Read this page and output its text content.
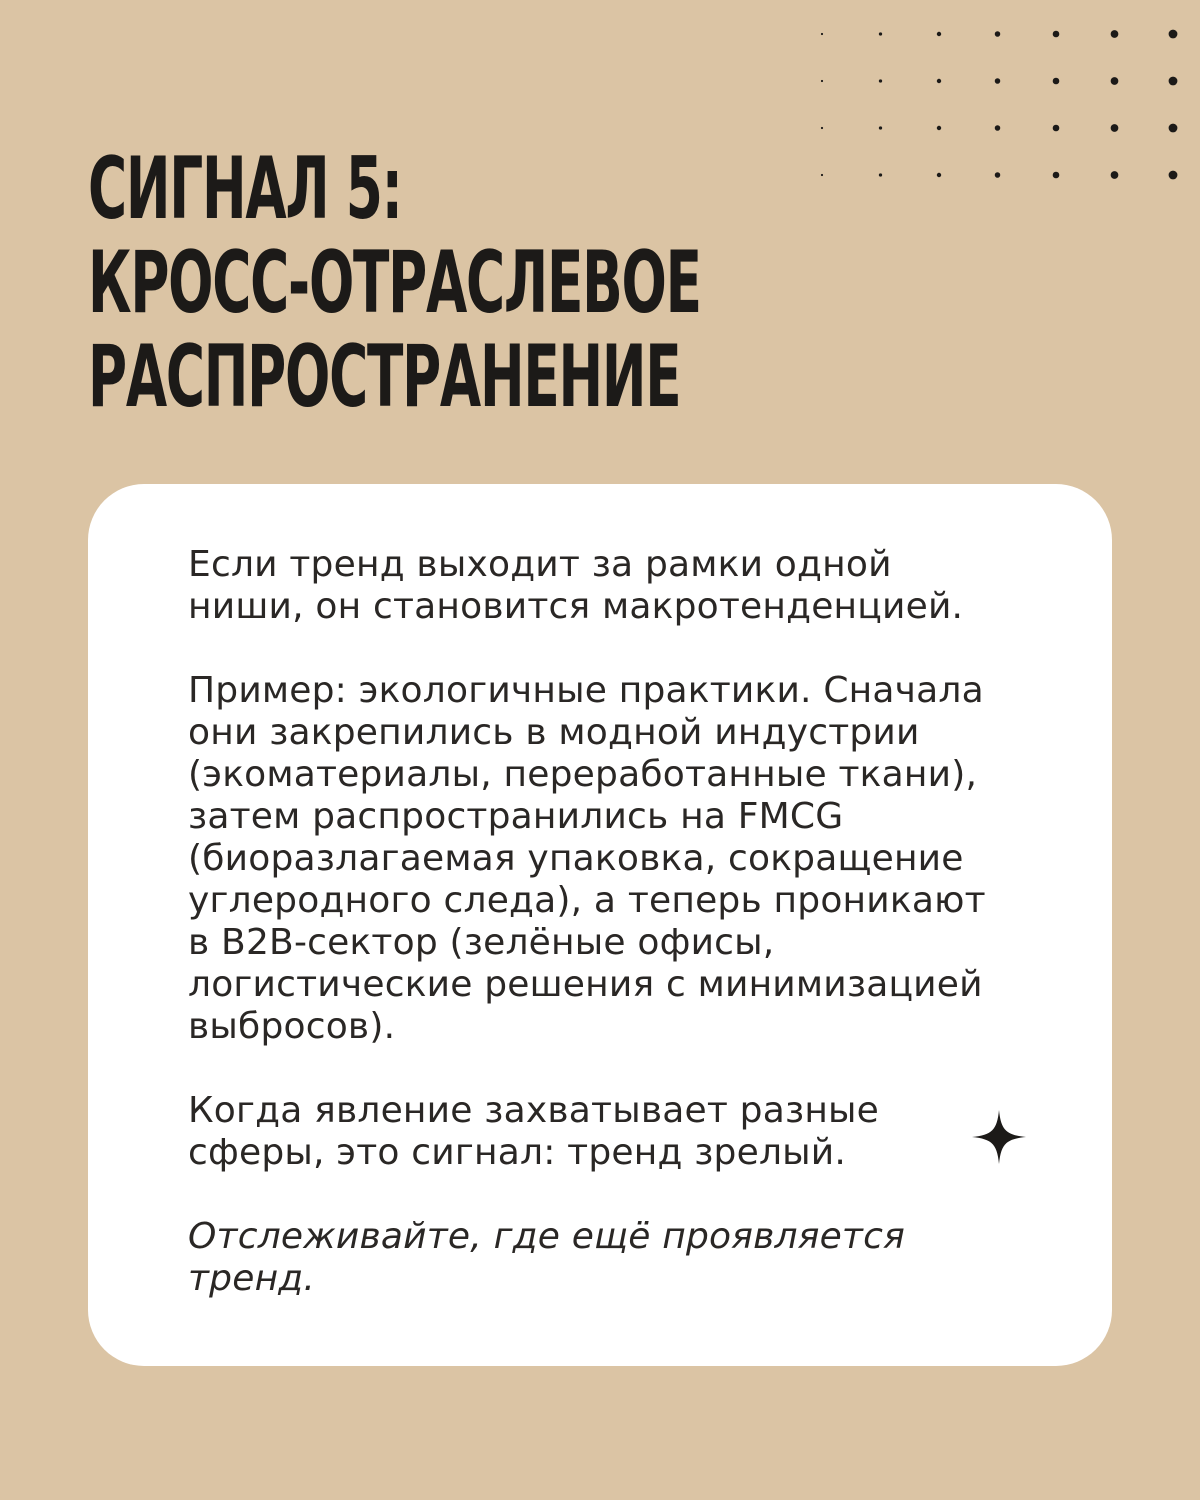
СИГНАЛ 5:
КРОСС-ОТРАСЛЕВОЕ
РАСПРОСТРАНЕНИЕ

Если тренд выходит за рамки одной ниши, он становится макротенденцией.

Пример: экологичные практики. Сначала они закрепились в модной индустрии (экоматериалы, переработанные ткани), затем распространились на FMCG (биоразлагаемая упаковка, сокращение углеродного следа), а теперь проникают в B2B-сектор (зелёные офисы, логистические решения с минимизацией выбросов).

Когда явление захватывает разные сферы, это сигнал: тренд зрелый.

Отслеживайте, где ещё проявляется тренд.
